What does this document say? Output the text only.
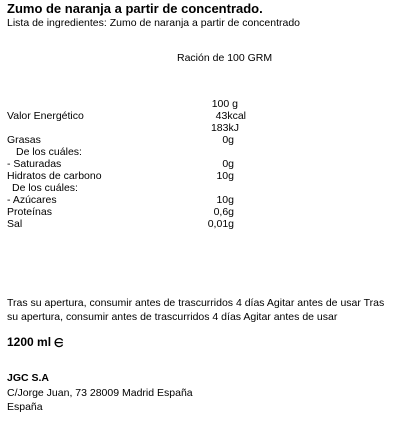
Zumo de naranja a partir de concentrado.
Lista de ingredientes: Zumo de naranja a partir de concentrado
Ración de 100 GRM
100 g
Valor Energético	43kcal
183kJ
Grasas	0g
De los cuáles:
- Saturadas	0g
Hidratos de carbono	10g
De los cuáles:
- Azúcares	10g
Proteínas	0,6g
Sal	0,01g
Tras su apertura, consumir antes de trascurridos 4 días Agitar antes de usar Tras su apertura, consumir antes de trascurridos 4 días Agitar antes de usar
1200 ml
JGC S.A
C/Jorge Juan, 73 28009 Madrid España
España
